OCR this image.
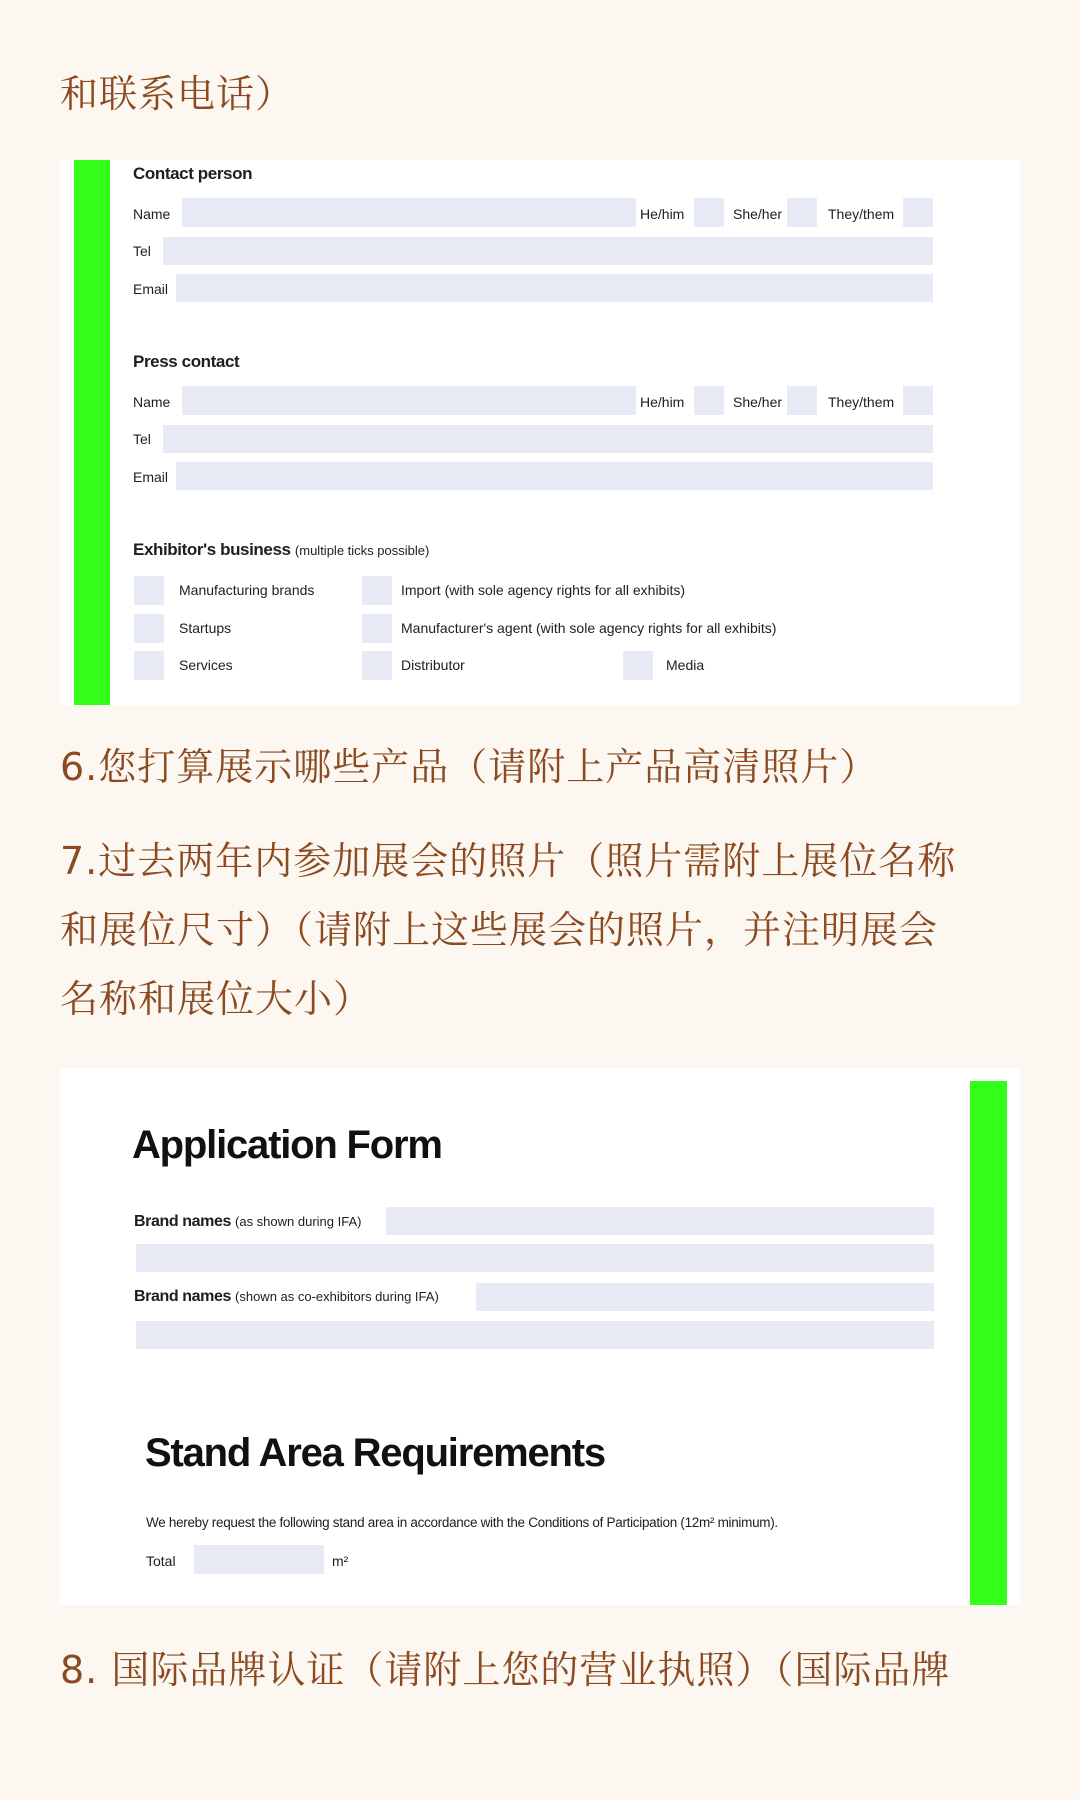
和联系电话）

Contact person
Name	He/him	She/her	They/them
Tel
Email
Press contact
Name	He/him	She/her	They/them
Tel
Email
Exhibitor's business (multiple ticks possible)
Manufacturing brands	Import (with sole agency rights for all exhibits)
Startups	Manufacturer's agent (with sole agency rights for all exhibits)
Services	Distributor	Media

6.您打算展示哪些产品（请附上产品高清照片）

7.过去两年内参加展会的照片（照片需附上展位名称

和展位尺寸）（请附上这些展会的照片，并注明展会

名称和展位大小）

Application Form
Brand names (as shown during IFA)
Brand names (shown as co-exhibitors during IFA)
Stand Area Requirements
We hereby request the following stand area in accordance with the Conditions of Participation (12m² minimum).
Total	m²

8. 国际品牌认证（请附上您的营业执照）（国际品牌
